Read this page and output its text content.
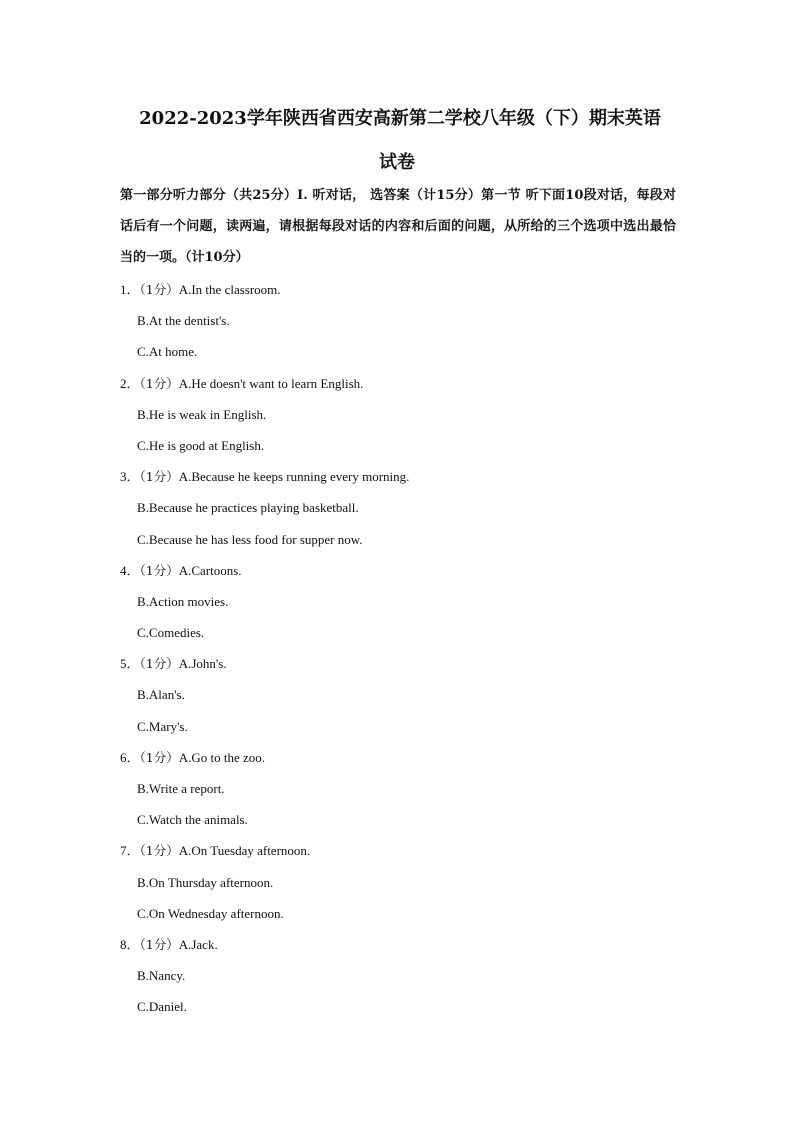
2022-2023学年陕西省西安高新第二学校八年级（下）期末英语
试卷
第一部分听力部分（共25分）I. 听对话， 选答案（计15分）第一节 听下面10段对话，每段对话后有一个问题，读两遍，请根据每段对话的内容和后面的问题，从所给的三个选项中选出最恰当的一项。（计10分）
1．（1分）A.In the classroom.
B.At the dentist's.
C.At home.
2．（1分）A.He doesn't want to learn English.
B.He is weak in English.
C.He is good at English.
3．（1分）A.Because he keeps running every morning.
B.Because he practices playing basketball.
C.Because he has less food for supper now.
4．（1分）A.Cartoons.
B.Action movies.
C.Comedies.
5．（1分）A.John's.
B.Alan's.
C.Mary's.
6．（1分）A.Go to the zoo.
B.Write a report.
C.Watch the animals.
7．（1分）A.On Tuesday afternoon.
B.On Thursday afternoon.
C.On Wednesday afternoon.
8．（1分）A.Jack.
B.Nancy.
C.Daniel.
